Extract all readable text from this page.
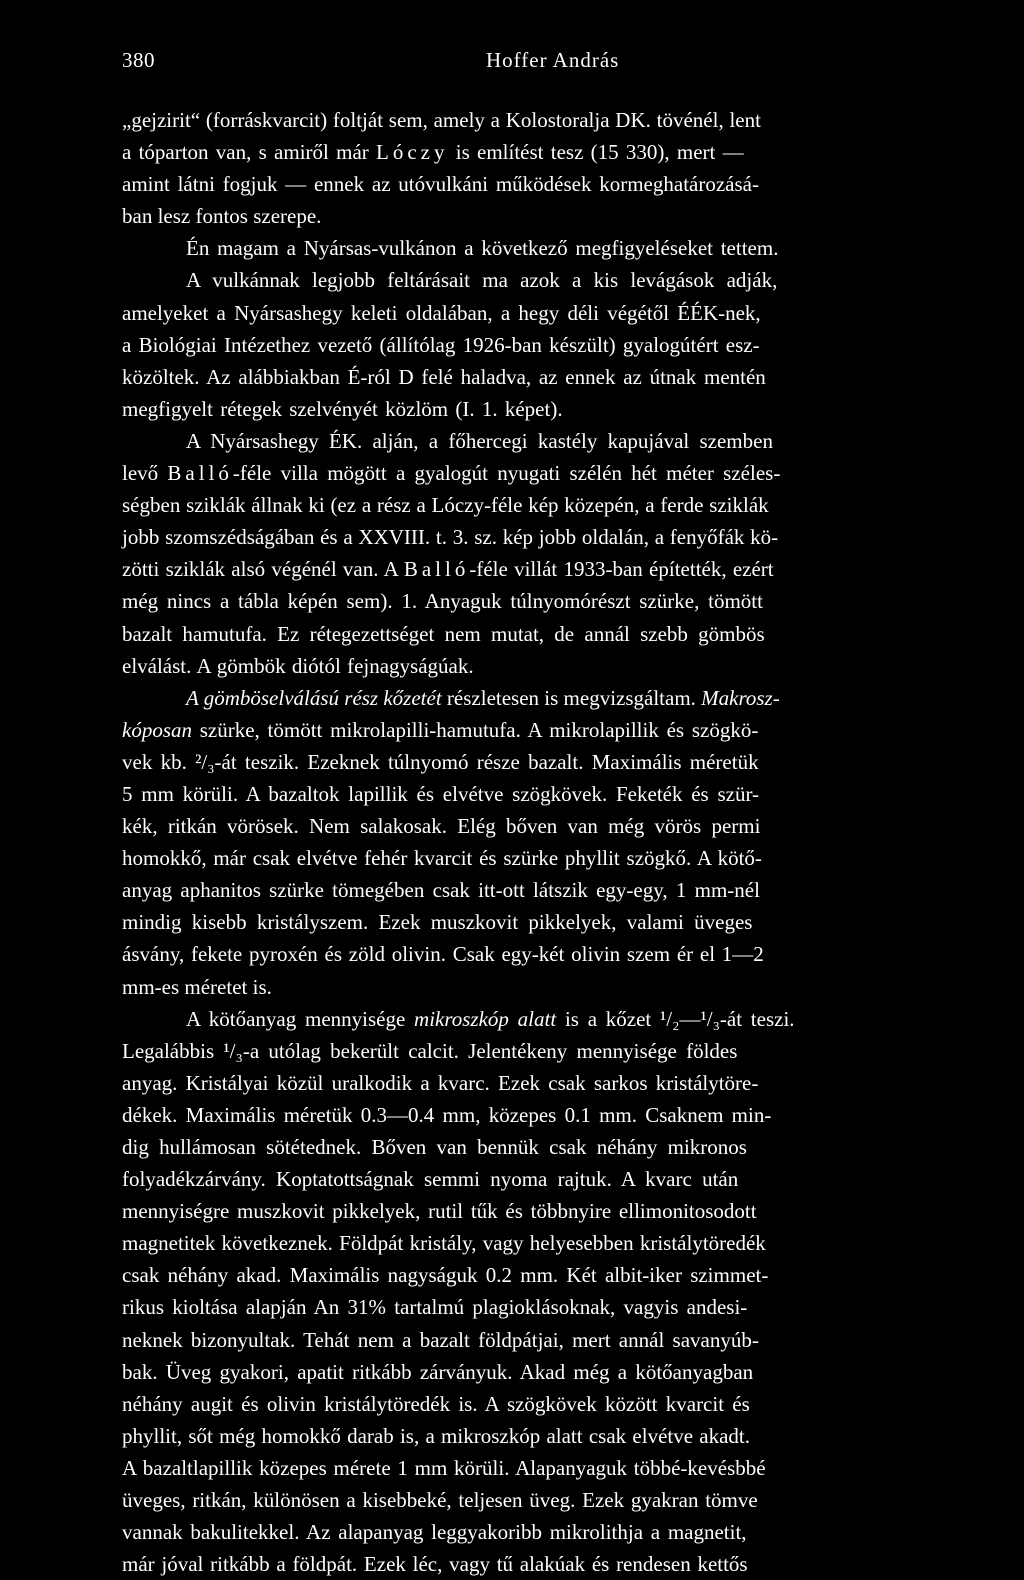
380	Hoffer András
„gejzirit“ (forráskvarcit) foltját sem, amely a Kolostoralja DK. tövénél, lent
a tóparton van, s amiről már Lóczy is említést tesz (15 330), mert —
amint látni fogjuk — ennek az utóvulkáni működések kormeghatározásá-
ban lesz fontos szerepe.
Én magam a Nyársas-vulkánon a következő megfigyeléseket tettem.
A vulkánnak legjobb feltárásait ma azok a kis levágások adják,
amelyeket a Nyársashegy keleti oldalában, a hegy déli végétől ÉÉK-nek,
a Biológiai Intézethez vezető (állítólag 1926-ban készült) gyalogútért esz-
közöltek. Az alábbiakban É-ról D felé haladva, az ennek az útnak mentén
megfigyelt rétegek szelvényét közlöm (I. 1. képet).
A Nyársashegy ÉK. alján, a főhercegi kastély kapujával szemben
levő Balló-féle villa mögött a gyalogút nyugati szélén hét méter széles-
ségben sziklák állnak ki (ez a rész a Lóczy-féle kép közepén, a ferde sziklák
jobb szomszédságában és a XXVIII. t. 3. sz. kép jobb oldalán, a fenyőfák kö-
zötti sziklák alsó végénél van. A Balló-féle villát 1933-ban építették, ezért
még nincs a tábla képén sem). 1. Anyaguk túlnyomórészt szürke, tömött
bazalt hamutufa. Ez rétegezettséget nem mutat, de annál szebb gömbös
elválást. A gömbök diótól fejnagyságúak.
A gömböselválású rész kőzetét részletesen is megvizsgáltam. Makrosz-
kóposan szürke, tömött mikrolapilli-hamutufa. A mikrolapillik és szögkö-
vek kb. ²/₃-át teszik. Ezeknek túlnyomó része bazalt. Maximális méretük
5 mm körüli. A bazaltok lapillik és elvétve szögkövek. Feketék és szür-
kék, ritkán vörösek. Nem salakosak. Elég bőven van még vörös permi
homokkő, már csak elvétve fehér kvarcit és szürke phyllit szögkő. A kötő-
anyag aphanitos szürke tömegében csak itt-ott látszik egy-egy, 1 mm-nél
mindig kisebb kristályszem. Ezek muszkovit pikkelyek, valami üveges
ásvány, fekete pyroxén és zöld olivin. Csak egy-két olivin szem ér el 1—2
mm-es méretet is.
A kötőanyag mennyisége mikroszkóp alatt is a kőzet ¹/₂—¹/₃-át teszi.
Legalábbis ¹/₃-a utólag bekerült calcit. Jelentékeny mennyisége földes
anyag. Kristályai közül uralkodik a kvarc. Ezek csak sarkos kristálytöre-
dékek. Maximális méretük 0.3—0.4 mm, közepes 0.1 mm. Csaknem min-
dig hullámosan sötétednek. Bőven van bennük csak néhány mikronos
folyadékzárvány. Koptatottságnak semmi nyoma rajtuk. A kvarc után
mennyiségre muszkovit pikkelyek, rutil tűk és többnyire ellimonitosodott
magnetitek következnek. Földpát kristály, vagy helyesebben kristálytöredék
csak néhány akad. Maximális nagyságuk 0.2 mm. Két albit-iker szimmet-
rikus kioltása alapján An 31% tartalmú plagioklásoknak, vagyis andesi-
neknek bizonyultak. Tehát nem a bazalt földpátjai, mert annál savanyúb-
bak. Üveg gyakori, apatit ritkább zárványuk. Akad még a kötőanyagban
néhány augit és olivin kristálytöredék is. A szögkövek között kvarcit és
phyllit, sőt még homokkő darab is, a mikroszkóp alatt csak elvétve akadt.
A bazaltlapillik közepes mérete 1 mm körüli. Alapanyaguk többé-kevésbbé
üveges, ritkán, különösen a kisebbeké, teljesen üveg. Ezek gyakran tömve
vannak bakulitekkel. Az alapanyag leggyakoribb mikrolithja a magnetit,
már jóval ritkább a földpát. Ezek léc, vagy tű alakúak és rendesen kettős
